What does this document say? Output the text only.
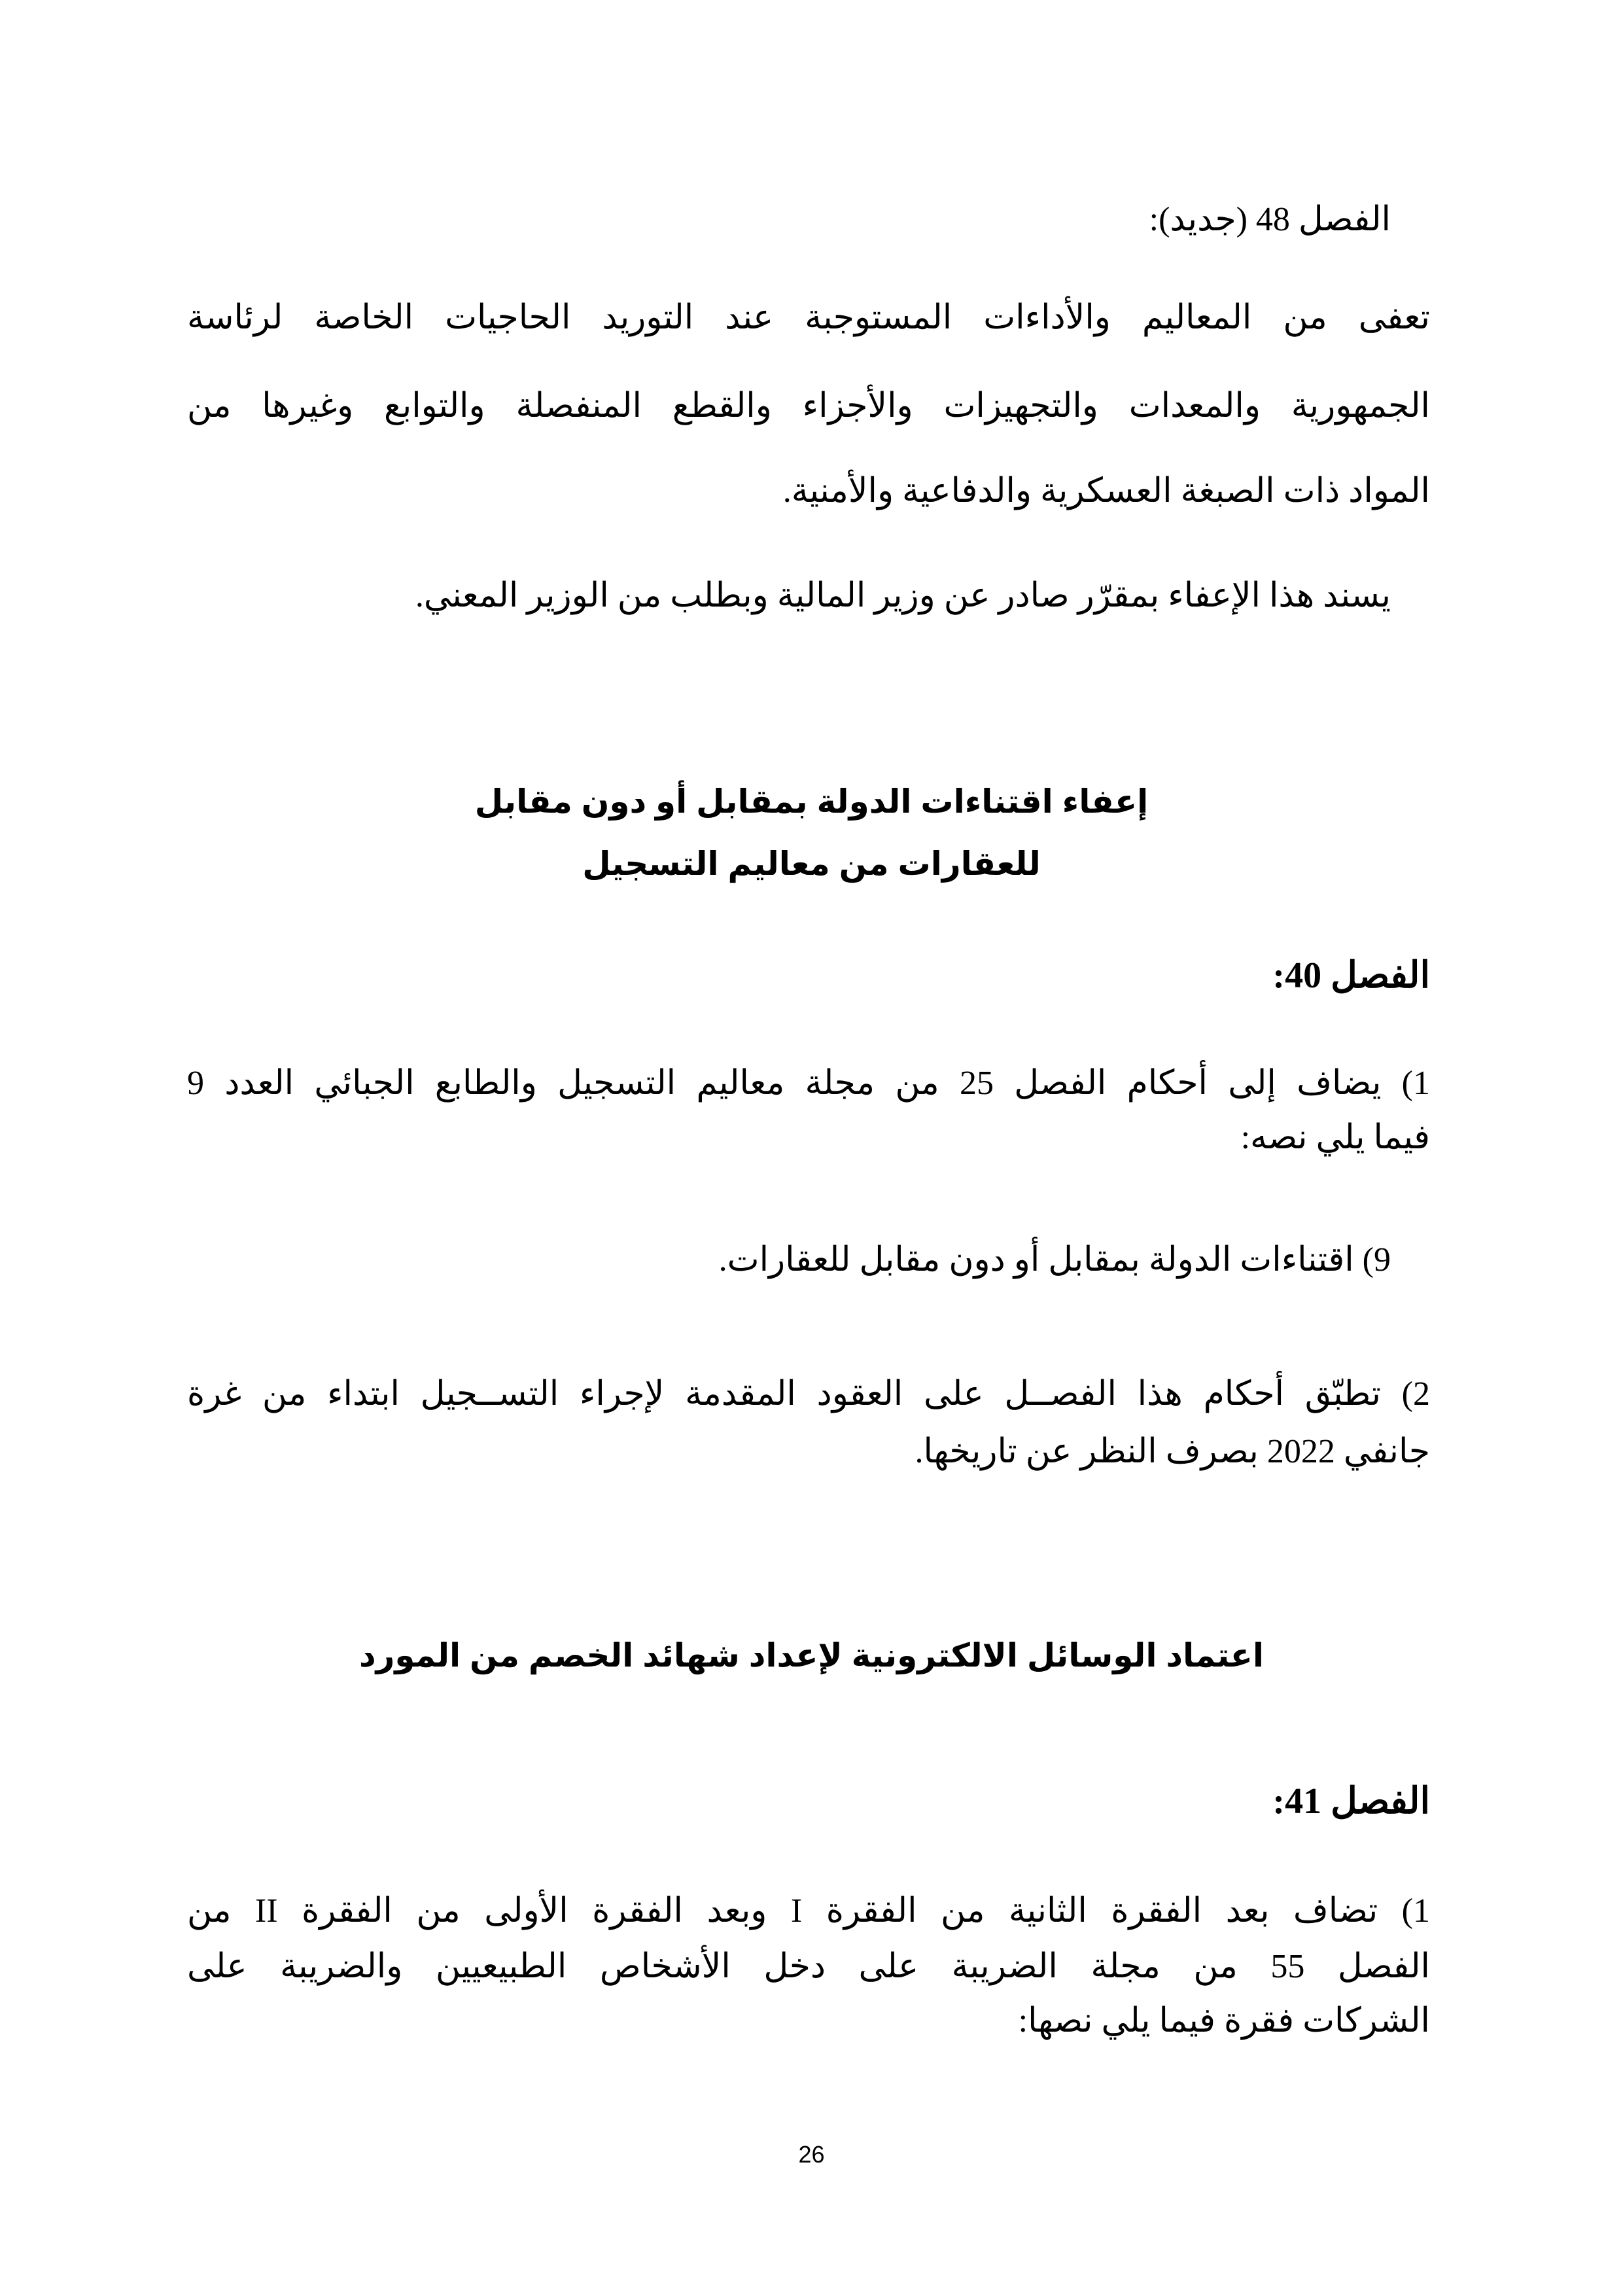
الفصل 48 (جديد):
تعفى من المعاليم والأداءات المستوجبة عند التوريد الحاجيات الخاصة لرئاسة
الجمهورية والمعدات والتجهيزات والأجزاء والقطع المنفصلة والتوابع وغيرها من
المواد ذات الصبغة العسكرية والدفاعية والأمنية.
يسند هذا الإعفاء بمقرّر صادر عن وزير المالية وبطلب من الوزير المعني.
إعفاء اقتناءات الدولة بمقابل أو دون مقابل
للعقارات من معاليم التسجيل
الفصل 40:
1) يضاف إلى أحكام الفصل 25 من مجلة معاليم التسجيل والطابع الجبائي العدد 9
فيما يلي نصه:
9) اقتناءات الدولة بمقابل أو دون مقابل للعقارات.
2) تطبّق أحكام هذا الفصــل على العقود المقدمة لإجراء التســجيل ابتداء من غرة
جانفي 2022 بصرف النظر عن تاريخها.
اعتماد الوسائل الالكترونية لإعداد شهائد الخصم من المورد
الفصل 41:
1) تضاف بعد الفقرة الثانية من الفقرة I وبعد الفقرة الأولى من الفقرة II من
الفصل 55 من مجلة الضريبة على دخل الأشخاص الطبيعيين والضريبة على
الشركات فقرة فيما يلي نصها:
26
